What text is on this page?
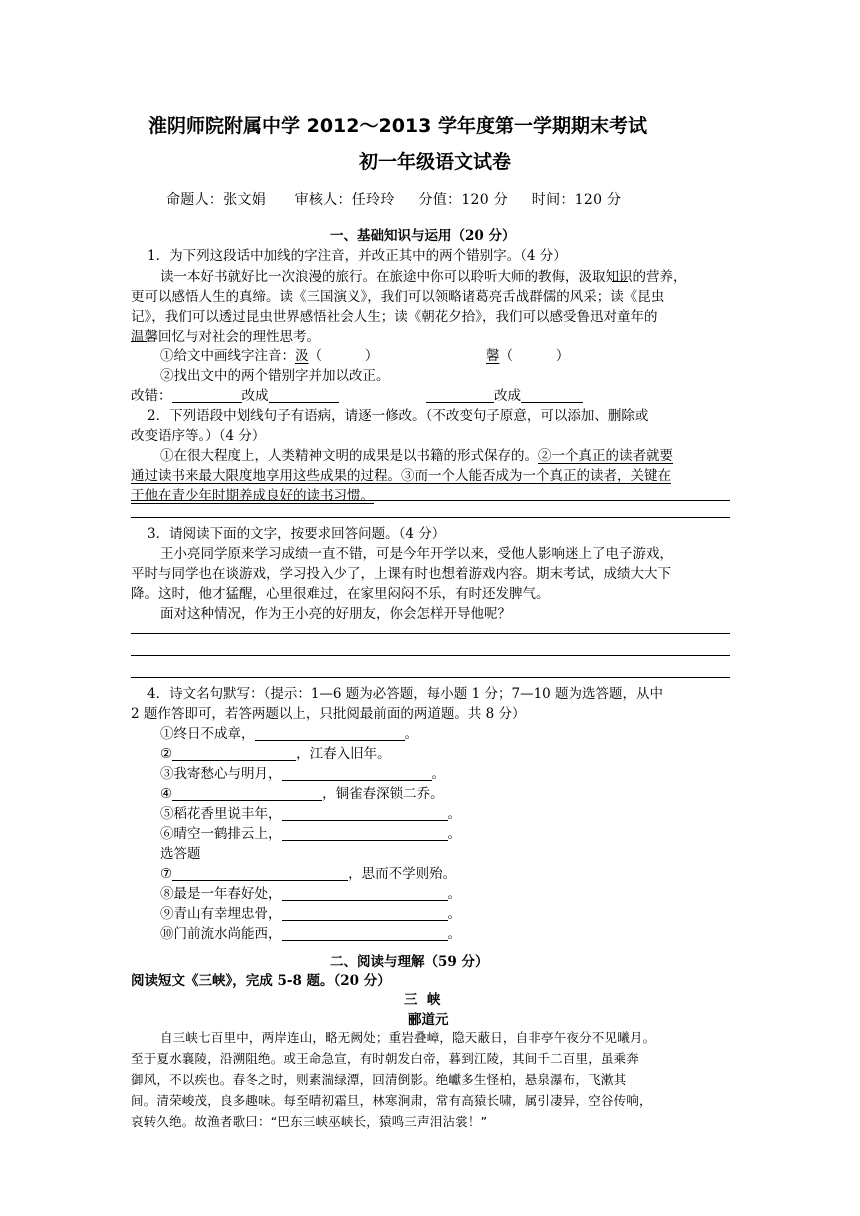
淮阴师院附属中学 2012～2013 学年度第一学期期末考试
初一年级语文试卷
命题人：张文娟      审核人：任玲玲     分值：120 分     时间：120 分
一、基础知识与运用（20 分）
1．为下列这段话中加线的字注音，并改正其中的两个错别字。（4 分）
读一本好书就好比一次浪漫的旅行。在旅途中你可以聆听大师的教侮，汲取知识的营养，
更可以感悟人生的真缔。读《三国演义》，我们可以领略诸葛亮舌战群儒的风采；读《昆虫
记》，我们可以透过昆虫世界感悟社会人生；读《朝花夕拾》，我们可以感受鲁迅对童年的
温馨回忆与对社会的理性思考。
①给文中画线字注音：汲（          ）	馨（          ）
②找出文中的两个错别字并加以改正。
改错：	改成	改成
2．下列语段中划线句子有语病，请逐一修改。（不改变句子原意，可以添加、删除或
改变语序等。）（4 分）
①在很大程度上，人类精神文明的成果是以书籍的形式保存的。②一个真正的读者就要
通过读书来最大限度地享用这些成果的过程。③而一个人能否成为一个真正的读者，关键在
于他在青少年时期养成良好的读书习惯。
3．请阅读下面的文字，按要求回答问题。（4 分）
王小亮同学原来学习成绩一直不错，可是今年开学以来，受他人影响迷上了电子游戏，
平时与同学也在谈游戏，学习投入少了，上课有时也想着游戏内容。期末考试，成绩大大下
降。这时，他才猛醒，心里很难过，在家里闷闷不乐，有时还发脾气。
面对这种情况，作为王小亮的好朋友，你会怎样开导他呢？
4．诗文名句默写：（提示：1—6 题为必答题，每小题 1 分；7—10 题为选答题，从中
2 题作答即可，若答两题以上，只批阅最前面的两道题。共 8 分）
①终日不成章，	。
②	，江春入旧年。
③我寄愁心与明月，	。
④	，铜雀春深锁二乔。
⑤稻花香里说丰年，	。
⑥晴空一鹤排云上，	。
选答题
⑦	，思而不学则殆。
⑧最是一年春好处，	。
⑨青山有幸埋忠骨，	。
⑩门前流水尚能西，	。
二、阅读与理解（59 分）
阅读短文《三峡》，完成 5-8 题。（20 分）
三  峡
郦道元
自三峡七百里中，两岸连山，略无阙处；重岩叠嶂，隐天蔽日，自非亭午夜分不见曦月。
至于夏水襄陵，沿溯阻绝。或王命急宣，有时朝发白帝，暮到江陵，其间千二百里，虽乘奔
御风，不以疾也。春冬之时，则素湍绿潭，回清倒影。绝巘多生怪柏，悬泉瀑布，飞漱其
间。清荣峻茂，良多趣味。每至晴初霜旦，林寒涧肃，常有高猿长啸，属引凄异，空谷传响，
哀转久绝。故渔者歌曰：“巴东三峡巫峡长，猿鸣三声泪沾裳！”
